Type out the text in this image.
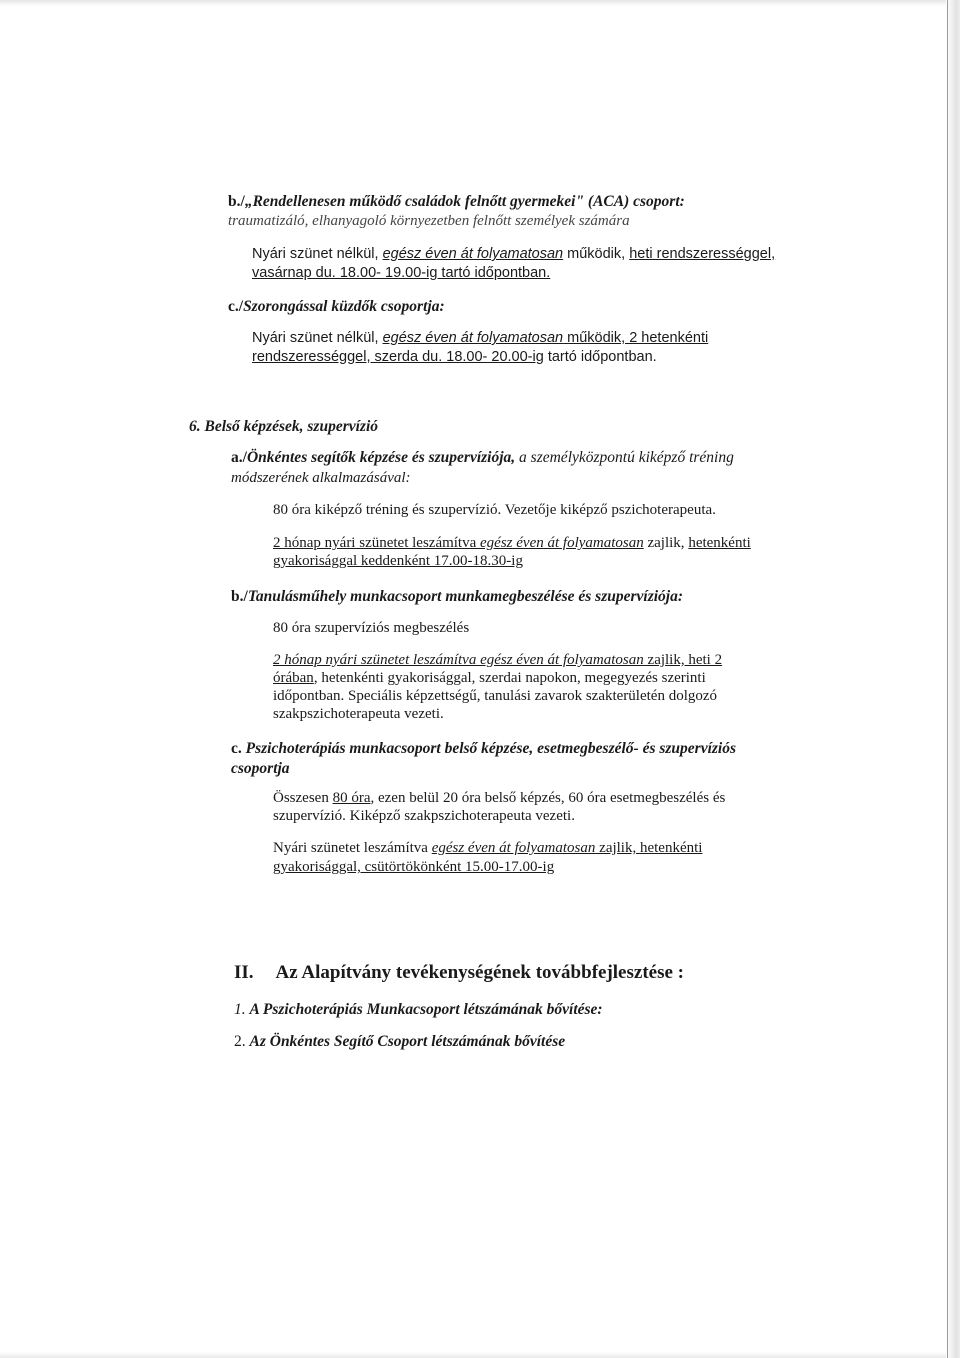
b./„Rendellenesen működő családok felnőtt gyermekei" (ACA) csoport:
traumatizáló, elhanyagoló környezetben felnőtt személyek számára
Nyári szünet nélkül, egész éven át folyamatosan működik, heti rendszerességgel,
vasárnap du. 18.00- 19.00-ig tartó időpontban.
c./Szorongással küzdők csoportja:
Nyári szünet nélkül, egész éven át folyamatosan működik, 2 hetenkénti
rendszerességgel, szerda du. 18.00- 20.00-ig tartó időpontban.
6. Belső képzések, szupervízió
a./Önkéntes segítők képzése és szupervíziója, a személyközpontú kiképző tréning
módszerének alkalmazásával:
80 óra kiképző tréning és szupervízió. Vezetője kiképző pszichoterapeuta.
2 hónap nyári szünetet leszámítva egész éven át folyamatosan zajlik, hetenkénti
gyakorisággal keddenként 17.00-18.30-ig
b./Tanulásműhely munkacsoport munkamegbeszélése és szupervíziója:
80 óra szupervíziós megbeszélés
2 hónap nyári szünetet leszámítva egész éven át folyamatosan zajlik, heti 2
órában, hetenkénti gyakorisággal, szerdai napokon, megegyezés szerinti
időpontban. Speciális képzettségű, tanulási zavarok szakterületén dolgozó
szakpszichoterapeuta vezeti.
c. Pszichoterápiás munkacsoport belső képzése, esetmegbeszélő- és szupervíziós
csoportja
Összesen 80 óra, ezen belül 20 óra belső képzés, 60 óra esetmegbeszélés és
szupervízió. Kiképző szakpszichoterapeuta vezeti.
Nyári szünetet leszámítva egész éven át folyamatosan zajlik, hetenkénti
gyakorisággal, csütörtökönként 15.00-17.00-ig
II. Az Alapítvány tevékenységének továbbfejlesztése :
1. A Pszichoterápiás Munkacsoport létszámának bővítése:
2. Az Önkéntes Segítő Csoport létszámának bővítése
